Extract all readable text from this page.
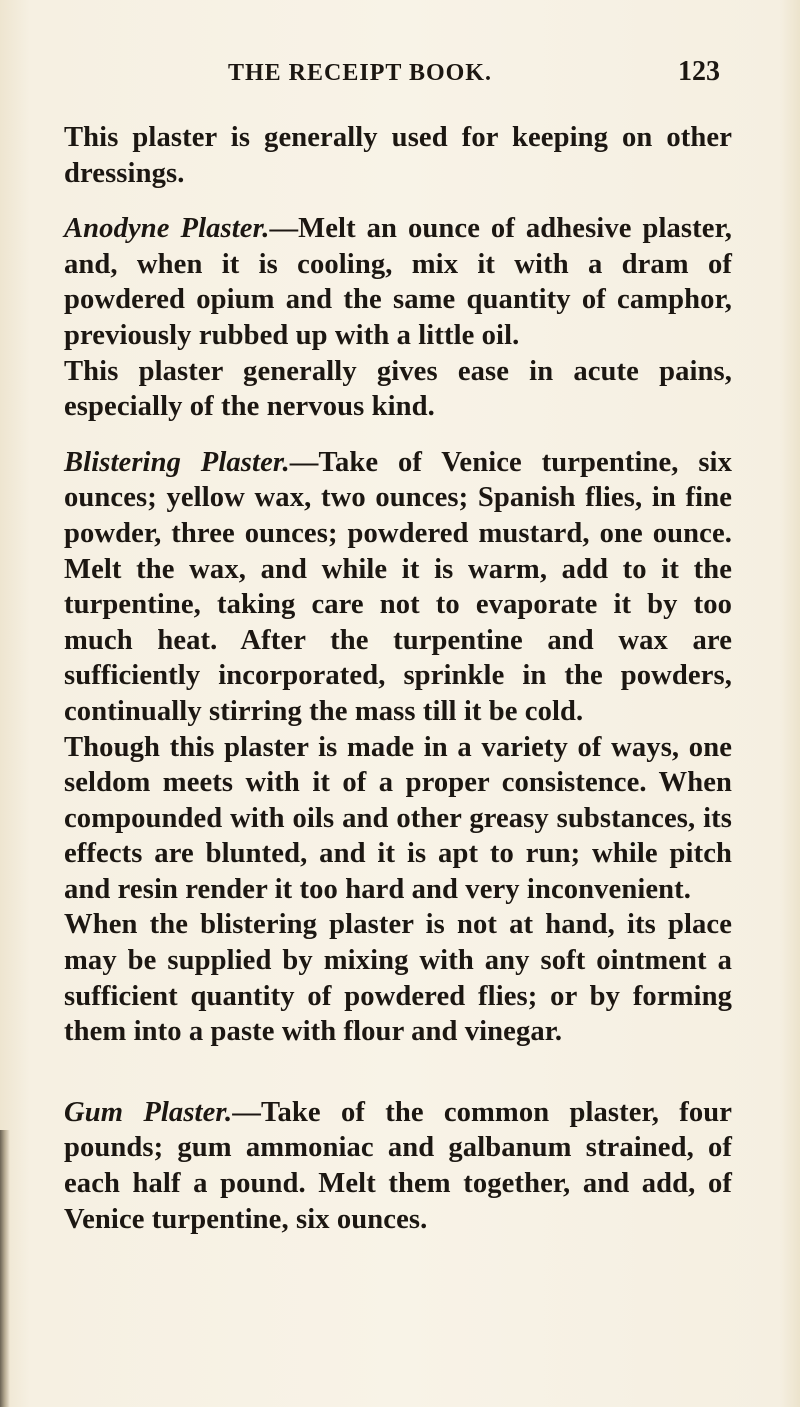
THE RECEIPT BOOK.	123

This plaster is generally used for keeping on other dressings.

Anodyne Plaster.—Melt an ounce of adhesive plaster, and, when it is cooling, mix it with a dram of powdered opium and the same quantity of camphor, previously rubbed up with a little oil.

This plaster generally gives ease in acute pains, especially of the nervous kind.

Blistering Plaster.—Take of Venice turpentine, six ounces; yellow wax, two ounces; Spanish flies, in fine powder, three ounces; powdered mustard, one ounce. Melt the wax, and while it is warm, add to it the turpentine, taking care not to evaporate it by too much heat. After the turpentine and wax are sufficiently incorporated, sprinkle in the powders, continually stirring the mass till it be cold.

Though this plaster is made in a variety of ways, one seldom meets with it of a proper consistence. When compounded with oils and other greasy substances, its effects are blunted, and it is apt to run; while pitch and resin render it too hard and very inconvenient.

When the blistering plaster is not at hand, its place may be supplied by mixing with any soft ointment a sufficient quantity of powdered flies; or by forming them into a paste with flour and vinegar.

Gum Plaster.—Take of the common plaster, four pounds; gum ammoniac and galbanum strained, of each half a pound. Melt them together, and add, of Venice turpentine, six ounces.
